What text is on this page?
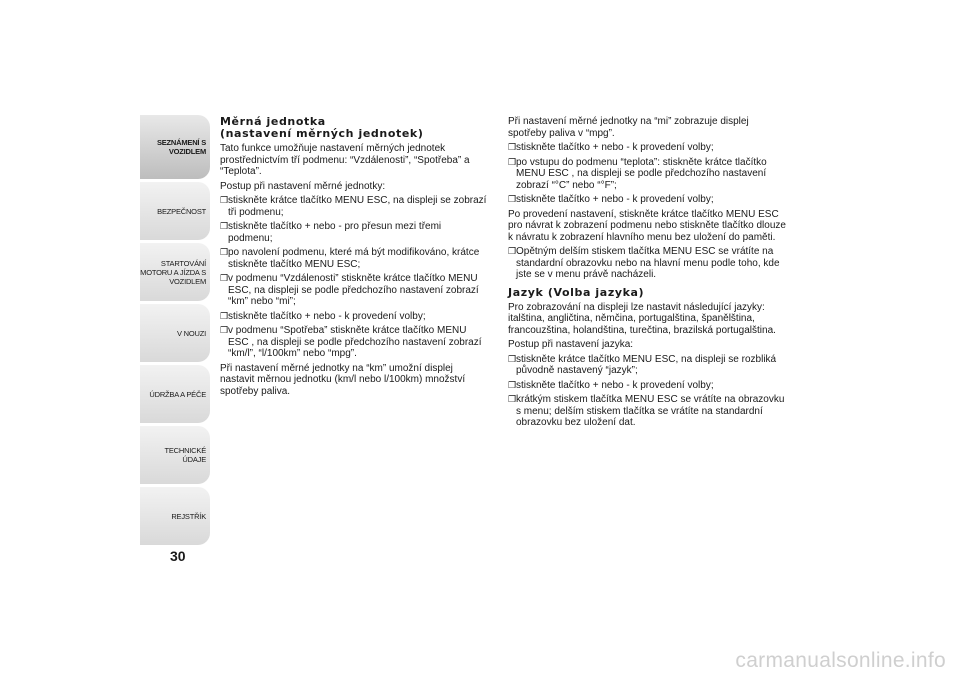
SEZNÁMENÍ S
VOZIDLEM
BEZPEČNOST
STARTOVÁNÍ
MOTORU A JÍZDA S
VOZIDLEM
V NOUZI
ÚDRŽBA A PÉČE
TECHNICKÉ ÚDAJE
REJSTŘÍK
30
Měrná jednotka
(nastavení měrných jednotek)

Tato funkce umožňuje nastavení měrných jednotek prostřednictvím tří podmenu: “Vzdálenosti”, “Spotřeba” a “Teplota”.

Postup při nastavení měrné jednotky:

❒ stiskněte krátce tlačítko MENU ESC, na displeji se zobrazí tři podmenu;
❒ stiskněte tlačítko + nebo - pro přesun mezi třemi podmenu;
❒ po navolení podmenu, které má být modifikováno, krátce stiskněte tlačítko MENU ESC;
❒ v podmenu “Vzdálenosti” stiskněte krátce tlačítko MENU ESC, na displeji se podle předchozího nastavení zobrazí “km” nebo “mi”;
❒ stiskněte tlačítko + nebo - k provedení volby;
❒ v podmenu “Spotřeba” stiskněte krátce tlačítko MENU ESC , na displeji se podle předchozího nastavení zobrazí “km/l”, “l/100km” nebo “mpg”.

Při nastavení měrné jednotky na “km” umožní displej nastavit měrnou jednotku (km/l nebo l/100km) množství spotřeby paliva.

Při nastavení měrné jednotky na “mi” zobrazuje displej spotřeby paliva v “mpg”.

❒ stiskněte tlačítko + nebo - k provedení volby;
❒ po vstupu do podmenu “teplota”: stiskněte krátce tlačítko MENU ESC , na displeji se podle předchozího nastavení zobrazí “°C” nebo “°F”;
❒ stiskněte tlačítko + nebo - k provedení volby;

Po provedení nastavení, stiskněte krátce tlačítko MENU ESC pro návrat k zobrazení podmenu nebo stiskněte tlačítko dlouze k návratu k zobrazení hlavního menu bez uložení do paměti.

❒ Opětným delším stiskem tlačítka MENU ESC se vrátíte na standardní obrazovku nebo na hlavní menu podle toho, kde jste se v menu právě nacházeli.
Jazyk (Volba jazyka)

Pro zobrazování na displeji lze nastavit následující jazyky: italština, angličtina, němčina, portugalština, španělština, francouzština, holandština, turečtina, brazilská portugalština.

Postup při nastavení jazyka:

❒ stiskněte krátce tlačítko MENU ESC, na displeji se rozbliká původně nastavený “jazyk”;
❒ stiskněte tlačítko + nebo - k provedení volby;
❒ krátkým stiskem tlačítka MENU ESC se vrátíte na obrazovku s menu; delším stiskem tlačítka se vrátíte na standardní obrazovku bez uložení dat.
carmanualsonline.info
